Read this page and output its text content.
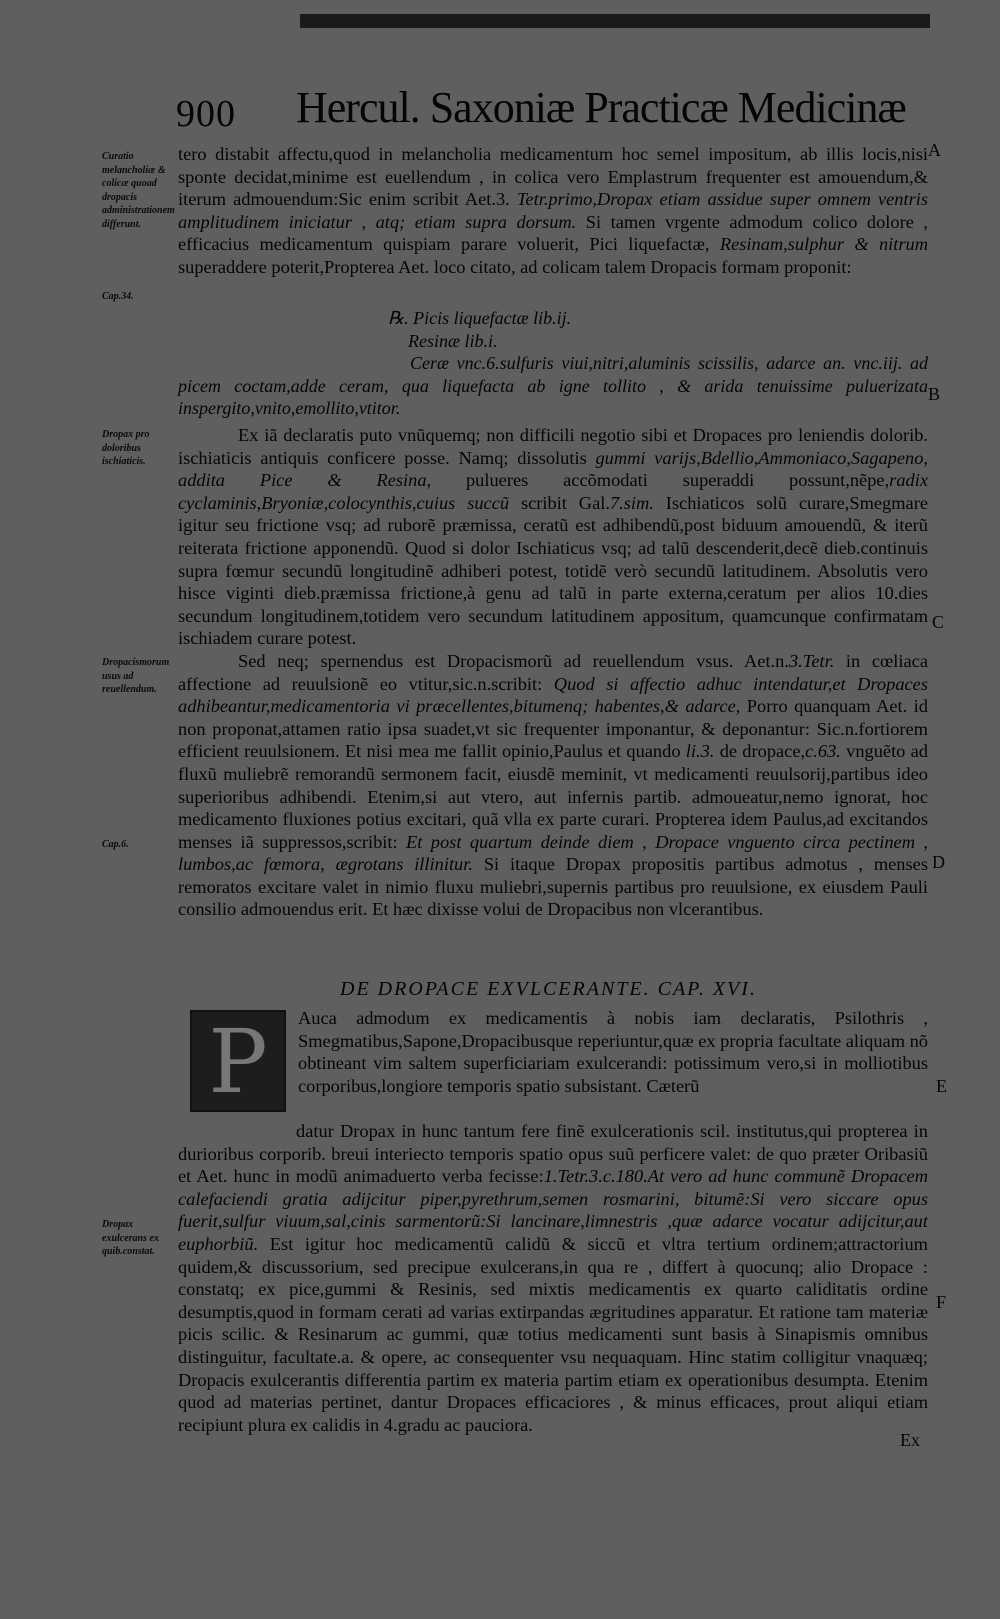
900 Hercul. Saxoniæ Practicæ Medicinæ
Curatio melancholiæ & colicæ quoad dropacis administrationem differunt.
Cap.34.
Dropax pro doloribus ischiaticis.
Dropacismorum usus ad reuellendum.
Cap.6.
Dropax exulcerans ex quib.constat.
A
B
C
D
E
F

tero distabit affectu,quod in melancholia medicamentum hoc semel impositum, ab illis locis,nisi sponte decidat,minime est euellendum , in colica vero Emplastrum frequenter est amouendum,& iterum admouendum:Sic enim scribit Aet.3. Tetr.primo,Dropax etiam assidue super omnem ventris amplitudinem iniciatur , atq; etiam supra dorsum. Si tamen vrgente admodum colico dolore , efficacius medicamentum quispiam parare voluerit, Pici liquefactæ, Resinam,sulphur & nitrum superaddere poterit,Propterea Aet. loco citato, ad colicam talem Dropacis formam proponit:

℞. Picis liquefactæ lib.ij.
Resinæ lib.i.
Ceræ vnc.6.sulfuris viui,nitri,aluminis scissilis, adarce an. vnc.iij. ad picem coctam,adde ceram, qua liquefacta ab igne tollito , & arida tenuissime puluerizata inspergito,vnito,emollito,vtitor.

Ex iã declaratis puto vnũquemq; non difficili negotio sibi et Dropaces pro leniendis dolorib. ischiaticis antiquis conficere posse. Namq; dissolutis gummi varijs,Bdellio,Ammoniaco,Sagapeno, addita Pice & Resina, pulueres accõmodati superaddi possunt,nẽpe,radix cyclaminis,Bryoniæ,colocynthis,cuius succũ scribit Gal.7.sim. Ischiaticos solũ curare,Smegmare igitur seu frictione vsq; ad ruborẽ præmissa, ceratũ est adhibendũ,post biduum amouendũ, & iterũ reiterata frictione apponendũ. Quod si dolor Ischiaticus vsq; ad talũ descenderit,decẽ dieb.continuis supra fœmur secundũ longitudinẽ adhiberi potest, totidẽ verò secundũ latitudinem. Absolutis vero hisce viginti dieb.præmissa frictione,à genu ad talũ in parte externa,ceratum per alios 10.dies secundum longitudinem,totidem vero secundum latitudinem appositum, quamcunque confirmatam ischiadem curare potest.

Sed neq; spernendus est Dropacismorũ ad reuellendum vsus. Aet.n.3.Tetr. in cœliaca affectione ad reuulsionẽ eo vtitur,sic.n.scribit: Quod si affectio adhuc intendatur,et Dropaces adhibeantur,medicamentoria vi præcellentes,bitumenq; habentes,& adarce, Porro quanquam Aet. id non proponat,attamen ratio ipsa suadet,vt sic frequenter imponantur, & deponantur: Sic.n.fortiorem efficient reuulsionem. Et nisi mea me fallit opinio,Paulus et quando li.3. de dropace,c.63. vnguẽto ad fluxũ muliebrẽ remorandũ sermonem facit, eiusdẽ meminit, vt medicamenti reuulsorij,partibus ideo superioribus adhibendi. Etenim,si aut vtero, aut infernis partib. admoueatur,nemo ignorat, hoc medicamento fluxiones potius excitari, quã vlla ex parte curari. Propterea idem Paulus,ad excitandos menses iã suppressos,scribit: Et post quartum deinde diem , Dropace vnguento circa pectinem , lumbos,ac fœmora, ægrotans illinitur. Si itaque Dropax propositis partibus admotus , menses remoratos excitare valet in nimio fluxu muliebri,supernis partibus pro reuulsione, ex eiusdem Pauli consilio admouendus erit. Et hæc dixisse volui de Dropacibus non vlcerantibus.

DE DROPACE EXVLCERANTE. CAP. XVI.
P	Auca admodum ex medicamentis à nobis iam declaratis, Psilothris , Smegmatibus,Sapone,Dropacibusque reperiuntur,quæ ex propria facultate aliquam nõ obtineant vim saltem superficiariam exulcerandi: potissimum vero,si in molliotibus corporibus,longiore temporis spatio subsistant. Cæterũ

datur Dropax in hunc tantum fere finẽ exulcerationis scil. institutus,qui propterea in durioribus corporib. breui interiecto temporis spatio opus suũ perficere valet: de quo præter Oribasiũ et Aet. hunc in modũ animaduerto verba fecisse:1.Tetr.3.c.180.At vero ad hunc communẽ Dropacem calefaciendi gratia adijcitur piper,pyrethrum,semen rosmarini, bitumẽ:Si vero siccare opus fuerit,sulfur viuum,sal,cinis sarmentorũ:Si lancinare,limnestris ,quæ adarce vocatur adijcitur,aut euphorbiũ. Est igitur hoc medicamentũ calidũ & siccũ et vltra tertium ordinem;attractorium quidem,& discussorium, sed precipue exulcerans,in qua re , differt à quocunq; alio Dropace : constatq; ex pice,gummi & Resinis, sed mixtis medicamentis ex quarto caliditatis ordine desumptis,quod in formam cerati ad varias extirpandas ægritudines apparatur. Et ratione tam materiæ picis scilic. & Resinarum ac gummi, quæ totius medicamenti sunt basis à Sinapismis omnibus distinguitur, facultate.a. & opere, ac consequenter vsu nequaquam. Hinc statim colligitur vnaquæq; Dropacis exulcerantis differentia partim ex materia partim etiam ex operationibus desumpta. Etenim quod ad materias pertinet, dantur Dropaces efficaciores , & minus efficaces, prout aliqui etiam recipiunt plura ex calidis in 4.gradu ac pauciora.

Ex
